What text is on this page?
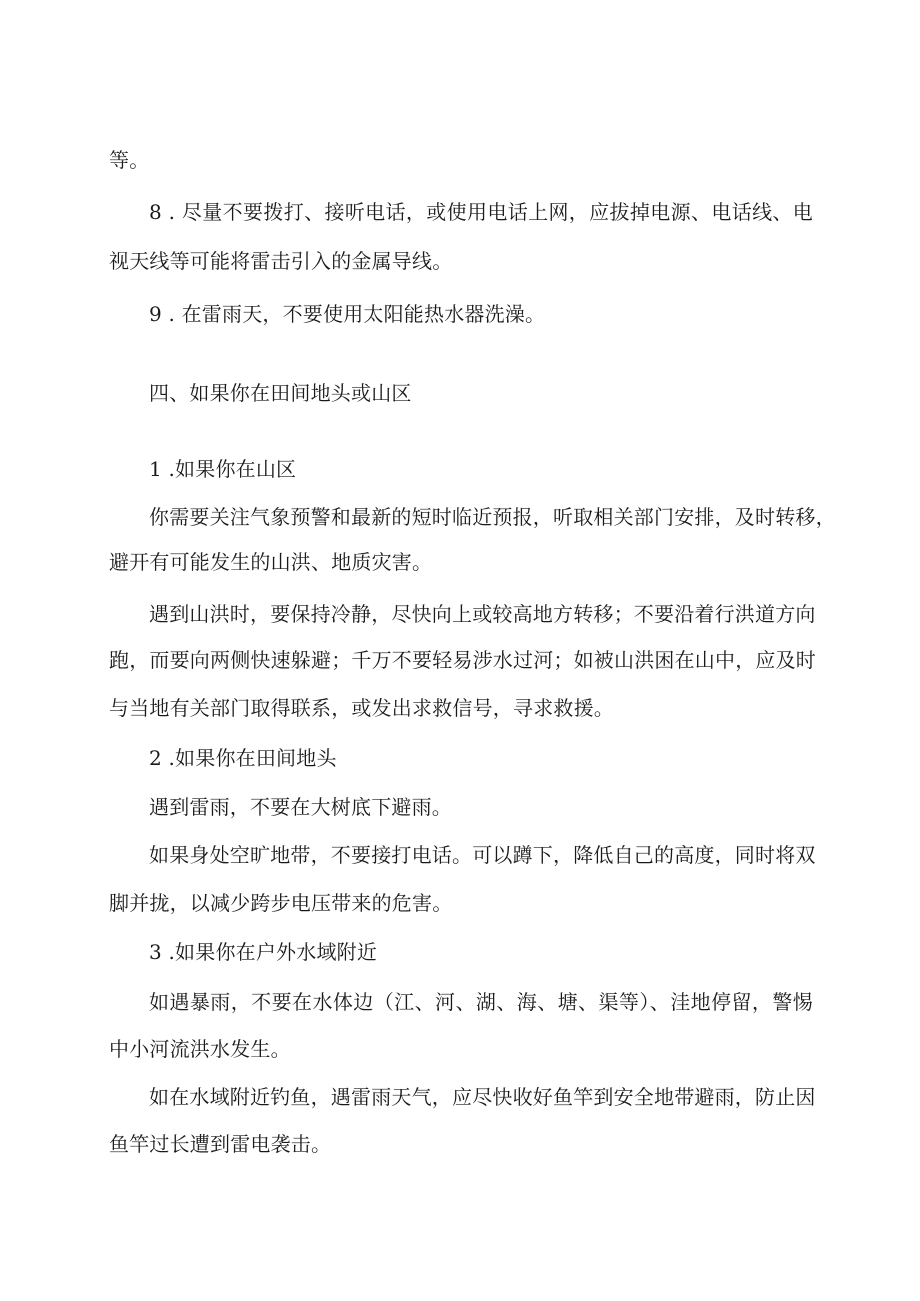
等。
8 . 尽量不要拨打、接听电话，或使用电话上网，应拔掉电源、电话线、电
视天线等可能将雷击引入的金属导线。
9 . 在雷雨天，不要使用太阳能热水器洗澡。
四、如果你在田间地头或山区
1 .如果你在山区
你需要关注气象预警和最新的短时临近预报，听取相关部门安排，及时转移，
避开有可能发生的山洪、地质灾害。
遇到山洪时，要保持冷静，尽快向上或较高地方转移；不要沿着行洪道方向
跑，而要向两侧快速躲避；千万不要轻易涉水过河；如被山洪困在山中，应及时
与当地有关部门取得联系，或发出求救信号，寻求救援。
2 .如果你在田间地头
遇到雷雨，不要在大树底下避雨。
如果身处空旷地带，不要接打电话。可以蹲下，降低自己的高度，同时将双
脚并拢，以减少跨步电压带来的危害。
3 .如果你在户外水域附近
如遇暴雨，不要在水体边（江、河、湖、海、塘、渠等）、洼地停留，警惕
中小河流洪水发生。
如在水域附近钓鱼，遇雷雨天气，应尽快收好鱼竿到安全地带避雨，防止因
鱼竿过长遭到雷电袭击。
